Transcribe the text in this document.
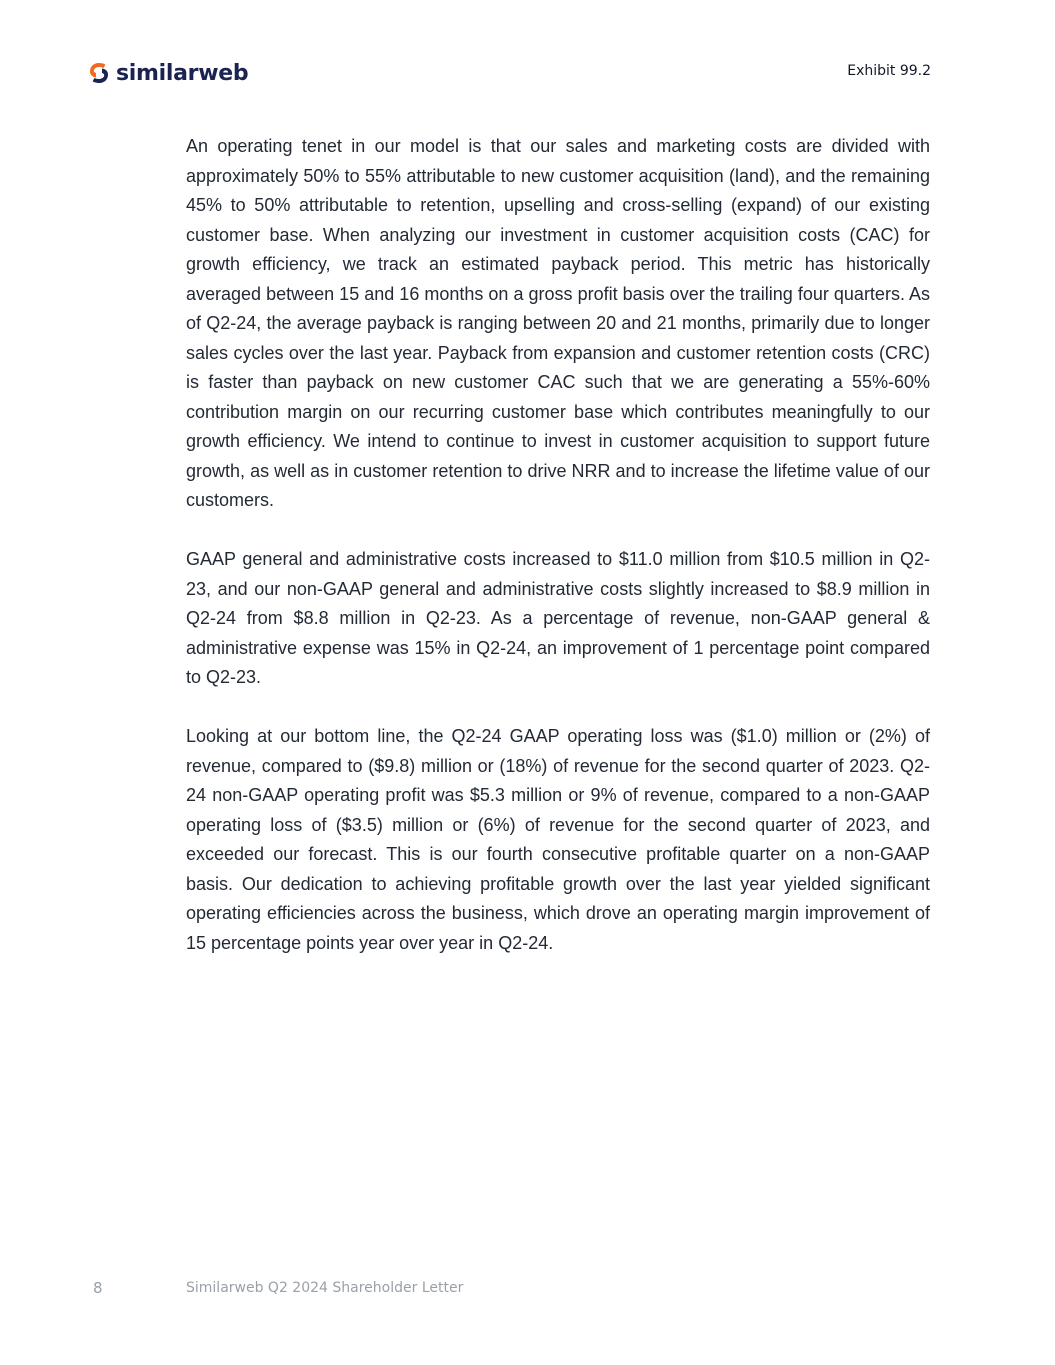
similarweb	Exhibit 99.2

An operating tenet in our model is that our sales and marketing costs are divided with approximately 50% to 55% attributable to new customer acquisition (land), and the remaining 45% to 50% attributable to retention, upselling and cross-selling (expand) of our existing customer base. When analyzing our investment in customer acquisition costs (CAC) for growth efficiency, we track an estimated payback period. This metric has historically averaged between 15 and 16 months on a gross profit basis over the trailing four quarters. As of Q2-24, the average payback is ranging between 20 and 21 months, primarily due to longer sales cycles over the last year. Payback from expansion and customer retention costs (CRC) is faster than payback on new customer CAC such that we are generating a 55%-60% contribution margin on our recurring customer base which contributes meaningfully to our growth efficiency. We intend to continue to invest in customer acquisition to support future growth, as well as in customer retention to drive NRR and to increase the lifetime value of our customers.

GAAP general and administrative costs increased to $11.0 million from $10.5 million in Q2-23, and our non-GAAP general and administrative costs slightly increased to $8.9 million in Q2-24 from $8.8 million in Q2-23. As a percentage of revenue, non-GAAP general & administrative expense was 15% in Q2-24, an improvement of 1 percentage point compared to Q2-23.

Looking at our bottom line, the Q2-24 GAAP operating loss was ($1.0) million or (2%) of revenue, compared to ($9.8) million or (18%) of revenue for the second quarter of 2023. Q2-24 non-GAAP operating profit was $5.3 million or 9% of revenue, compared to a non-GAAP operating loss of ($3.5) million or (6%) of revenue for the second quarter of 2023, and exceeded our forecast. This is our fourth consecutive profitable quarter on a non-GAAP basis. Our dedication to achieving profitable growth over the last year yielded significant operating efficiencies across the business, which drove an operating margin improvement of 15 percentage points year over year in Q2-24.

8	Similarweb Q2 2024 Shareholder Letter
